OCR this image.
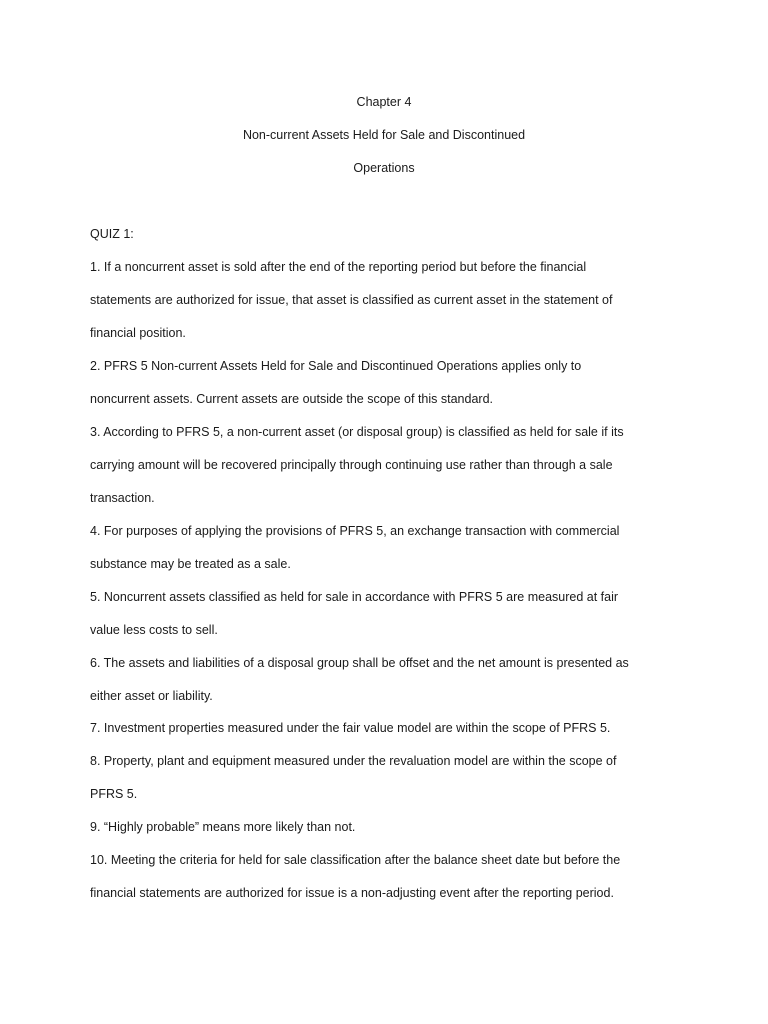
Chapter 4
Non-current Assets Held for Sale and Discontinued
Operations
QUIZ 1:
1. If a noncurrent asset is sold after the end of the reporting period but before the financial
statements are authorized for issue, that asset is classified as current asset in the statement of
financial position.
2. PFRS 5 Non-current Assets Held for Sale and Discontinued Operations applies only to
noncurrent assets. Current assets are outside the scope of this standard.
3. According to PFRS 5, a non-current asset (or disposal group) is classified as held for sale if its
carrying amount will be recovered principally through continuing use rather than through a sale
transaction.
4. For purposes of applying the provisions of PFRS 5, an exchange transaction with commercial
substance may be treated as a sale.
5. Noncurrent assets classified as held for sale in accordance with PFRS 5 are measured at fair
value less costs to sell.
6. The assets and liabilities of a disposal group shall be offset and the net amount is presented as
either asset or liability.
7. Investment properties measured under the fair value model are within the scope of PFRS 5.
8. Property, plant and equipment measured under the revaluation model are within the scope of
PFRS 5.
9. “Highly probable” means more likely than not.
10. Meeting the criteria for held for sale classification after the balance sheet date but before the
financial statements are authorized for issue is a non-adjusting event after the reporting period.
